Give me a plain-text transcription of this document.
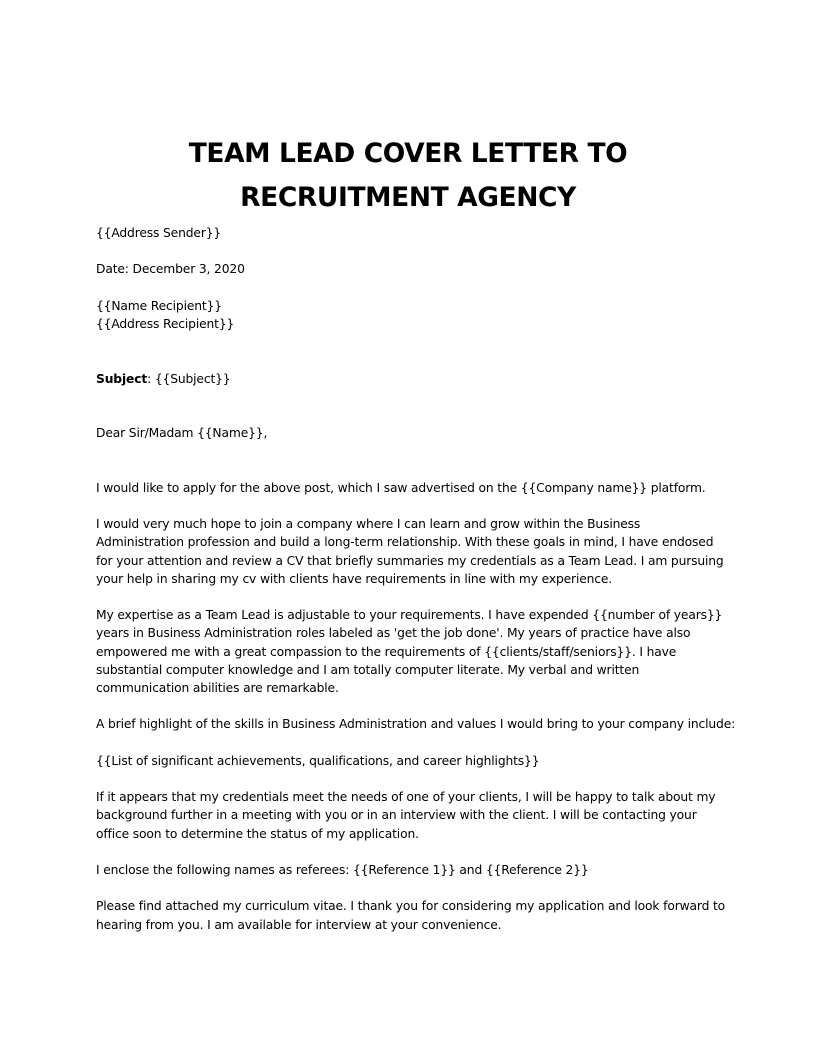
TEAM LEAD COVER LETTER TO
RECRUITMENT AGENCY

{{Address Sender}}

Date: December 3, 2020

{{Name Recipient}}

{{Address Recipient}}

Subject: {{Subject}}

Dear Sir/Madam {{Name}},

I would like to apply for the above post, which I saw advertised on the {{Company name}} platform.

I would very much hope to join a company where I can learn and grow within the Business

Administration profession and build a long-term relationship. With these goals in mind, I have endosed

for your attention and review a CV that briefly summaries my credentials as a Team Lead. I am pursuing

your help in sharing my cv with clients have requirements in line with my experience.

My expertise as a Team Lead is adjustable to your requirements. I have expended {{number of years}}

years in Business Administration roles labeled as 'get the job done'. My years of practice have also

empowered me with a great compassion to the requirements of {{clients/staff/seniors}}. I have

substantial computer knowledge and I am totally computer literate. My verbal and written

communication abilities are remarkable.

A brief highlight of the skills in Business Administration and values I would bring to your company include:

{{List of significant achievements, qualifications, and career highlights}}

If it appears that my credentials meet the needs of one of your clients, I will be happy to talk about my

background further in a meeting with you or in an interview with the client. I will be contacting your

office soon to determine the status of my application.

I enclose the following names as referees: {{Reference 1}} and {{Reference 2}}

Please find attached my curriculum vitae. I thank you for considering my application and look forward to

hearing from you. I am available for interview at your convenience.
